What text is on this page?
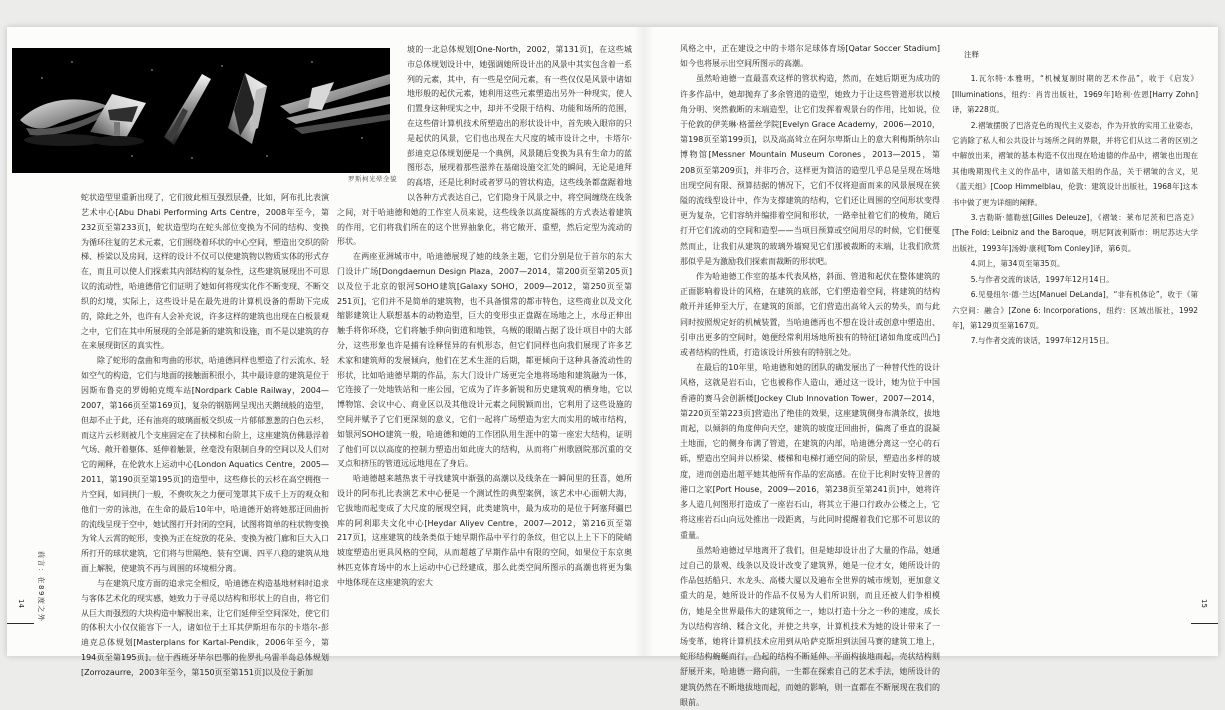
罗斯柯光晕全貌

蛇状造型里重新出现了，它们彼此相互强烈层叠，比如，阿布扎比表演艺术中心[Abu Dhabi Performing Arts Centre，2008年至今，第232页至第233页]，蛇状造型均在蛇头部位变换为不同的结构、变换为循环往复的艺术元素，它们围绕着环状的中心空间，塑造出交织的阶梯、桥梁以及房间，这样的设计不仅可以使建筑物以物质实体的形式存在，而且可以使人们探索其内部结构的复杂性，这些建筑展现出不可思议的流动性，哈迪德借它们证明了她如何将现实化作不断变现、不断交织的幻境，实际上，这些设计是在最先进的计算机设备的帮助下完成的，除此之外，也许有人会补充说，许多这样的建筑也出现在白板景观之中，它们在其中所展现的全部是新的建筑和设施，而不是以建筑的存在来展现街区的真实性。

除了蛇形的盘曲和弯曲的形状，哈迪德同样也塑造了行云流水、轻如空气的构造，它们与地面的接触面积很小，其中最诗意的建筑是位于因斯布鲁克的罗姆帕克缆车站[Nordpark Cable Railway，2004—2007，第166页至第169页]，复杂的钢筋网呈现出天鹅绒般的造型，但却不止于此，还有油亮的玻璃面板交织成一片郁郁葱葱的白色云杉，而这片云杉则被几个支座固定在了扶梯和台阶上，这座建筑仿佛悬浮着气场、敞开着躯体、延伸着触景，丝毫没有限制自身的空间以及人们对它的阐释，在伦敦水上运动中心[London Aquatics Centre，2005—2011，第190页至第195页]的造型中，这些修长的云杉在高空拥抱一片空间，如同拱门一般，不费吹灰之力便可笼罩其下成千上万的观众和他们一旁的泳池，在生命的最后10年中，哈迪德开始将她那迂回曲折的流线呈现于空中，她试图打开封闭的空间，试图将简单的柱状物变换为耸人云霄的蛇形，变换为正在绽放的花朵、变换为被门廊和巨大入口所打开的球状建筑，它们将与世隔绝、装有空调、四平八稳的建筑从地面上解脱，使建筑不再与周围的环境相分离。

与在建筑尺度方面的追求完全相反，哈迪德在构造基地材料时追求与客体艺术化的现实感，她致力于寻觅以结构和形状上的自由，将它们从巨大而强烈的大块构造中解脱出来，让它们延伸至空间深处，使它们的体积大小仅仅能容下一人，诸如位于土耳其伊斯坦布尔的卡塔尔-彭迪克总体规划[Masterplans for Kartal-Pendik，2006年至今，第194页至第195页]、位于西班牙毕尔巴鄂的佐罗扎乌雷半岛总体规划[Zorrozaurre，2003年至今，第150页至第151页]以及位于新加

坡的一北总体规划[One-North，2002，第131页]，在这些城市总体规划设计中，她强调她所设计出的风景中其实包含着一系列的元素，其中，有一些是空间元素，有一些仅仅是风景中诸如地形般的起伏元素，她利用这些元素塑造出另外一种现实，使人们置身这种现实之中，却并不受限于结构、功能和场所的范围，在这些借计算机技术所塑造出的形状设计中，首先映入眼帘的只是起伏的风景，它们也出现在大尺度的城市设计之中，卡塔尔·彭迪克总体规划便是一个典例，风景随后变换为具有生命力的蓝图形态，展现着那些滋养在基础设施交汇处的瞬间，无论是迪拜的高塔，还是比利时或者罗马的管状构造，这些线条都盘踞着地以各种方式表达自己，它们隐身于风景之中，将空间缠绕在线条之间，对于哈迪德和她的工作室人员来说，这些线条以高度凝练的方式表达着建筑的作用，它们将我们所在的这个世界抽象化，将它敞开、重塑，然后定型为流动的形状。

在两座亚洲城市中，哈迪德展现了她的线条主题，它们分别是位于首尔的东大门设计广场[Dongdaemun Design Plaza，2007—2014，第200页至第205页]以及位于北京的银河SOHO建筑[Galaxy SOHO，2009—2012，第250页至第251页]，它们并不是简单的建筑物，也不具备惯常的都市特色，这些商业以及文化缩影建筑让人联想基本的动物造型，巨大的变形虫正盘踞在场地之上，水母正伸出触手将你环绕，它们将触手伸向街道和地铁，乌贼的眼睛占据了设计项目中的大部分，这些形象也许是捕有诠释怪异的有机形态，但它们同样也向我们展现了许多艺术家和建筑师的发展倾向，他们在艺术生涯的后期，都更倾向于这种具备流动性的形状，比如哈迪德早期的作品，东大门设计广场更完全地将场地和建筑融为一体，它连接了一处地铁站和一座公园，它成为了许多新锐和历史建筑观的栖身地，它以博物馆、会议中心、商业区以及其他设计元素之间脱颖而出，它利用了这些设施的空间并赋予了它们更深刻的意义，它们一起将广场塑造为宏大而实用的城市结构，如银河SOHO建筑一般，哈迪德和她的工作团队用生涯中的第一座宏大结构，证明了他们可以以高度的控制力塑造出如此庞大的结构，从而将广州歌剧院那沉重的交叉点和挤压的管道远远地甩在了身后。

哈迪德越来越热衷于寻找建筑中渐强的高潮以及线条在一瞬间里的狂喜，她所设计的阿布扎比表演艺术中心便是一个测试性的典型案例，该艺术中心面朝大海，它拔地而起变成了大尺度的展现空间，此类建筑中，最为成功的是位于阿塞拜疆巴库的阿利耶夫文化中心[Heydar Aliyev Centre，2007—2012，第216页至第217页]，这座建筑的线条类似于她早期作品中平行的条纹，但它以上上下下的陡峭坡度塑造出更具风格的空间，从而超越了早期作品中有限的空间，如果位于东京奥林匹克体育场中的水上运动中心已经建成，那么此类空间所图示的高潮也将更为集中地体现在这座建筑的宏大

前言：在89度之外
14

风格之中，正在建设之中的卡塔尔足球体育场[Qatar Soccer Stadium]如今也将展示出空间所图示的高潮。

虽然哈迪德一直最喜欢这样的管状构造，然而，在她后期更为成功的许多作品中，她却抛弃了多余管道的造型，她致力于让这些管道形状以棱角分明、突然截断的末端造型，让它们发挥着观景台的作用，比如说，位于伦敦的伊芙琳·格蕾丝学院[Evelyn Grace Academy，2006—2010，第198页至第199页]，以及高高耸立在阿尔卑斯山上的意大利梅斯纳尔山博物馆[Messner Mountain Museum Corones，2013—2015，第208页至第209页]，并非巧合，这样更为简洁的造型几乎总是呈现在场地出现空间有限、预算拮据的情况下，它们不仅将迎面而来的风景展现在狭隘的流线型设计中，作为支撑建筑的结构，它们还让周围的空间形状变得更为复杂，它们容纳并编排着空间和形状，一路牵扯着它们的棱角，随后打开它们流动的空间和造型——当项目预算或空间用尽的时候，它们便戛然而止，让我们从建筑的玻璃外墙窥见它们那被裁断的末端，让我们欣赏那似乎是为激励我们探索而裁断的形状吧。

作为哈迪德工作室的基本代表风格，斜面、管道和起伏在整体建筑的正面影响着设计的风格，在建筑的底部，它们塑造着空间，将建筑的结构敞开并延伸至大厅，在建筑的顶部，它们营造出高耸入云的势头，而与此同时按照规定好的机械装置，当哈迪德再也不想在设计或创意中塑造出、引申出更多的空间时，她便经常利用场地所独有的特征[诸如角度或凹凸]或者结构的性质，打造该设计所独有的特别之处。

在最后的10年里，哈迪德和她的团队的确发展出了一种替代性的设计风格，这就是岩石山，它也被称作人造山，通过这一设计，她为位于中国香港的赛马会创新楼[Jockey Club Innovation Tower，2007—2014，第220页至第223页]营造出了绝佳的效果，这座建筑侧身布满条纹，拔地而起，以倾斜的角度伸向天空，建筑的坡度迂回曲折，偏离了垂直的混凝土地面，它的侧身布满了管道，在建筑的内部，哈迪德分离这一空心的石砾，塑造出空间并以桥梁、楼梯和电梯打通空间的阶层，塑造出多样的坡度，进而创造出超平她其他所有作品的宏高感。在位于比利时安特卫普的港口之家[Port House，2009—2016，第238页至第241页]中，她将许多人造几何图形打造成了一座岩石山，将其立于港口行政办公楼之上，它将这座岩石山向远处推出一段距离，与此同时提醒着我们它那不可思议的重量。

虽然哈迪德过早地离开了我们，但是她却设计出了大量的作品，她通过自己的景观、线条以及设计改变了建筑界，她是一位才女，她所设计的作品包括船只、水龙头、高楼大厦以及遍布全世界的城市规划，更加意义重大的是，她所设计的作品不仅易为人们所识别，而且还被人们争相模仿，她是全世界最伟大的建筑师之一，她以打造十分之一秒的速度，成长为以结构容纳、糅合文化，并使之共享，计算机技术为她的设计带来了一场变革，她将计算机技术应用到从哈萨克斯坦到法国马赛的建筑工地上，蛇形结构蜿蜒而行，凸起的结构不断延伸、平面构拔地而起，壳状结构则舒展开来，哈迪德一路向前，一生都在探索自己的艺术手法，她所设计的建筑仍然在不断地拔地而起，而她的影响，则一直都在不断展现在我们的眼前。

注释

1.瓦尔特·本雅明，“机械复制时期的艺术作品”，收于《启发》[Illuminations，纽约：肖肯出版社，1969年]哈利·佐恩[Harry Zohn]译，第228页。

2.褶皱摆脱了巴洛克色的现代主义姿态，作为开放的实用工业姿态，它消除了私人和公共设计与场所之间的界限，并将它们从这二者的区别之中解放出来，褶皱的基本构造不仅出现在哈迪德的作品中，褶皱也出现在其他晚期现代主义的作品中，诸如蓝天组的作品，关于褶皱的含义，见《蓝天组》[Coop Himmelblau，伦敦：建筑设计出版社，1968年]这本书中做了更为详细的阐释。

3.吉勒斯·德勒兹[Gilles Deleuze]，《褶皱：莱布尼茨和巴洛克》[The Fold: Leibniz and the Baroque，明尼阿波利斯市：明尼苏达大学出版社，1993年]汤姆·康利[Tom Conley]译，第6页。

4.同上，第34页至第35页。

5.与作者交流的谈话，1997年12月14日。

6.见曼纽尔·德·兰达[Manuel DeLanda]，“非有机体论”，收于《第六空间：融合》[Zone 6: Incorporations，纽约：区域出版社，1992年]，第129页至第167页。

7.与作者交流的谈话，1997年12月15日。

15
